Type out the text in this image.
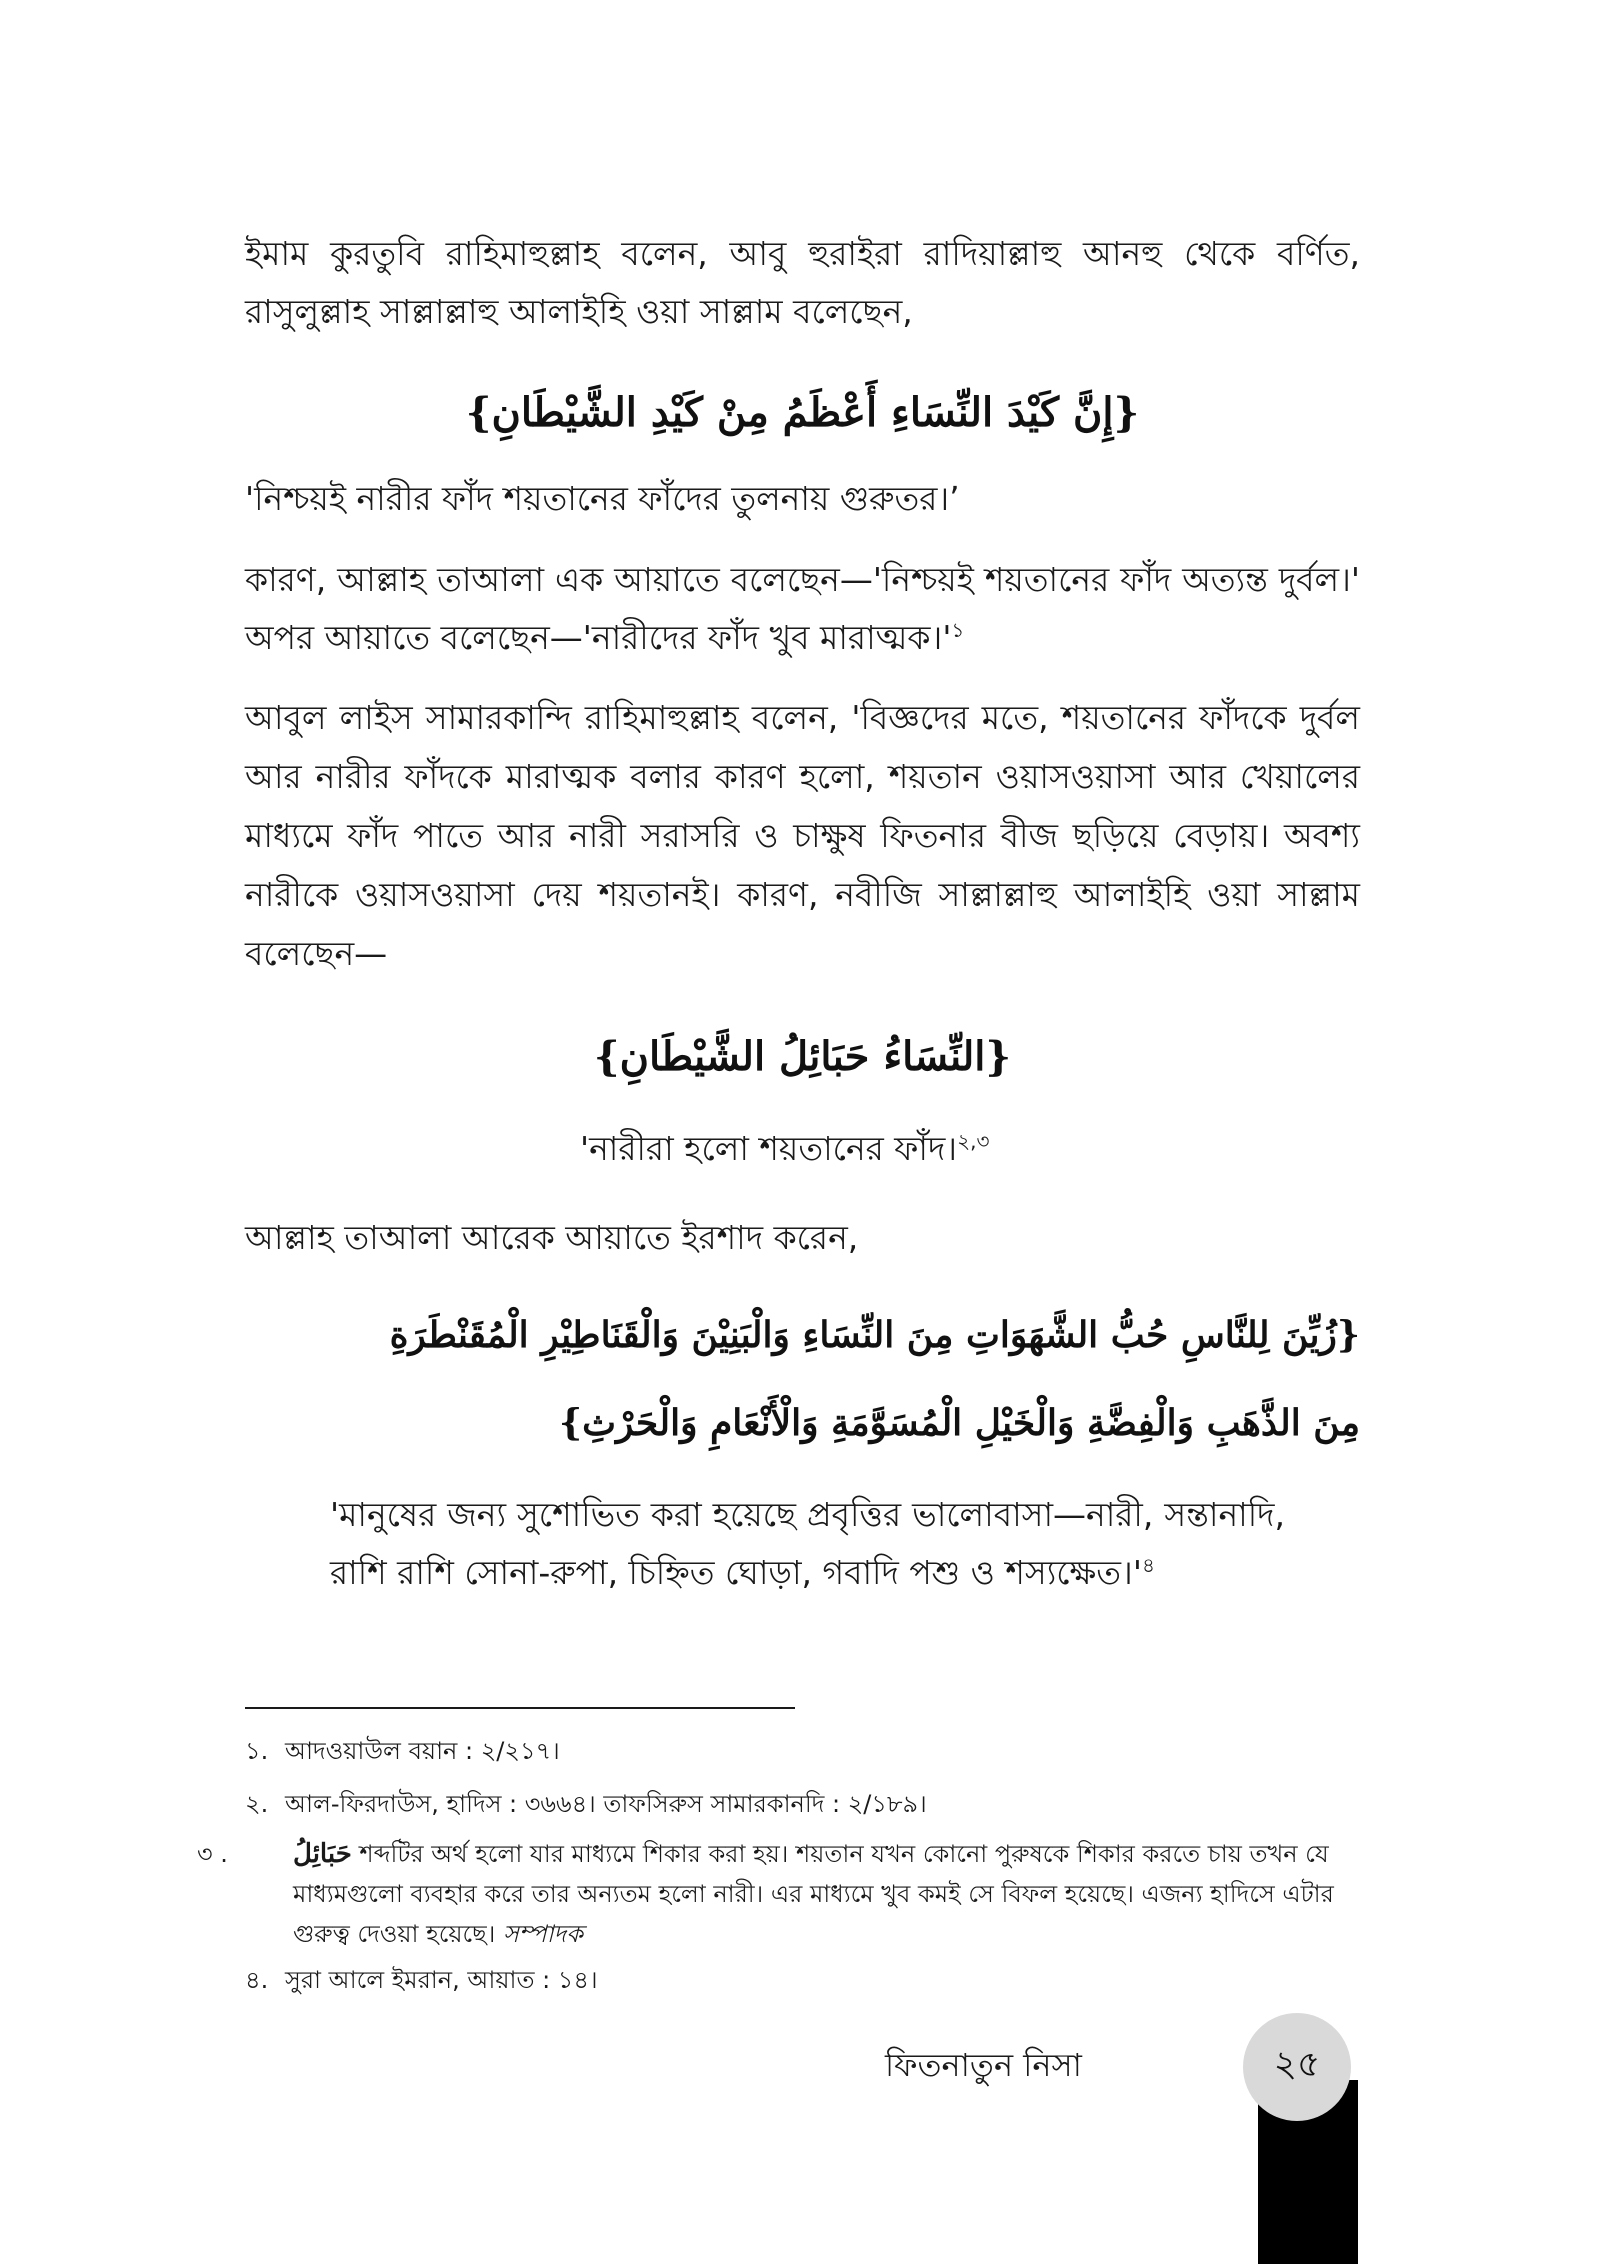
ইমাম কুরতুবি রাহিমাহুল্লাহ বলেন, আবু হুরাইরা রাদিয়াল্লাহু আনহু থেকে বর্ণিত, রাসুলুল্লাহ সাল্লাল্লাহু আলাইহি ওয়া সাল্লাম বলেছেন,

{إِنَّ كَيْدَ النِّسَاءِ أَعْظَمُ مِنْ كَيْدِ الشَّيْطَانِ}

'নিশ্চয়ই নারীর ফাঁদ শয়তানের ফাঁদের তুলনায় গুরুতর।’

কারণ, আল্লাহ তাআলা এক আয়াতে বলেছেন—'নিশ্চয়ই শয়তানের ফাঁদ অত্যন্ত দুর্বল।' অপর আয়াতে বলেছেন—'নারীদের ফাঁদ খুব $মারাত্মক।'^১$

আবুল লাইস সামারকান্দি রাহিমাহুল্লাহ বলেন, 'বিজ্ঞদের মতে, শয়তানের ফাঁদকে দুর্বল আর নারীর ফাঁদকে মারাত্মক বলার কারণ হলো, শয়তান ওয়াসওয়াসা আর খেয়ালের মাধ্যমে ফাঁদ পাতে আর নারী সরাসরি ও চাক্ষুষ ফিতনার বীজ ছড়িয়ে বেড়ায়। অবশ্য নারীকে ওয়াসওয়াসা দেয় শয়তানই। কারণ, নবীজি সাল্লাল্লাহু আলাইহি ওয়া সাল্লাম বলেছেন—

{النِّسَاءُ حَبَائِلُ الشَّيْطَانِ}

'নারীরা হলো শয়তানের ফাঁদ।$^{২,৩}$

আল্লাহ তাআলা আরেক আয়াতে ইরশাদ করেন,

{زُيِّنَ لِلنَّاسِ حُبُّ الشَّهَوَاتِ مِنَ النِّسَاءِ وَالْبَنِيْنَ وَالْقَنَاطِيْرِ الْمُقَنْطَرَةِ

مِنَ الذَّهَبِ وَالْفِضَّةِ وَالْخَيْلِ الْمُسَوَّمَةِ وَالْأَنْعَامِ وَالْحَرْثِ}

'মানুষের জন্য সুশোভিত করা হয়েছে প্রবৃত্তির ভালোবাসা—নারী, সন্তানাদি, রাশি রাশি সোনা-রুপা, চিহ্নিত ঘোড়া, গবাদি পশু ও $শস্যক্ষেত।'^৪$

১. আদওয়াউল বয়ান : ২/২১৭।

২. আল-ফিরদাউস, হাদিস : ৩৬৬৪। তাফসিরুস সামারকানদি : ২/১৮৯।

৩ .	حَبَائِلُ শব্দটির অর্থ হলো যার মাধ্যমে শিকার করা হয়। শয়তান যখন কোনো পুরুষকে শিকার করতে চায় তখন যে মাধ্যমগুলো ব্যবহার করে তার অন্যতম হলো নারী। এর মাধ্যমে খুব কমই সে বিফল হয়েছে। এজন্য হাদিসে এটার গুরুত্ব দেওয়া হয়েছে। সম্পাদক

৪. সুরা আলে ইমরান, আয়াত : ১৪।

ফিতনাতুন নিসা	২৫
